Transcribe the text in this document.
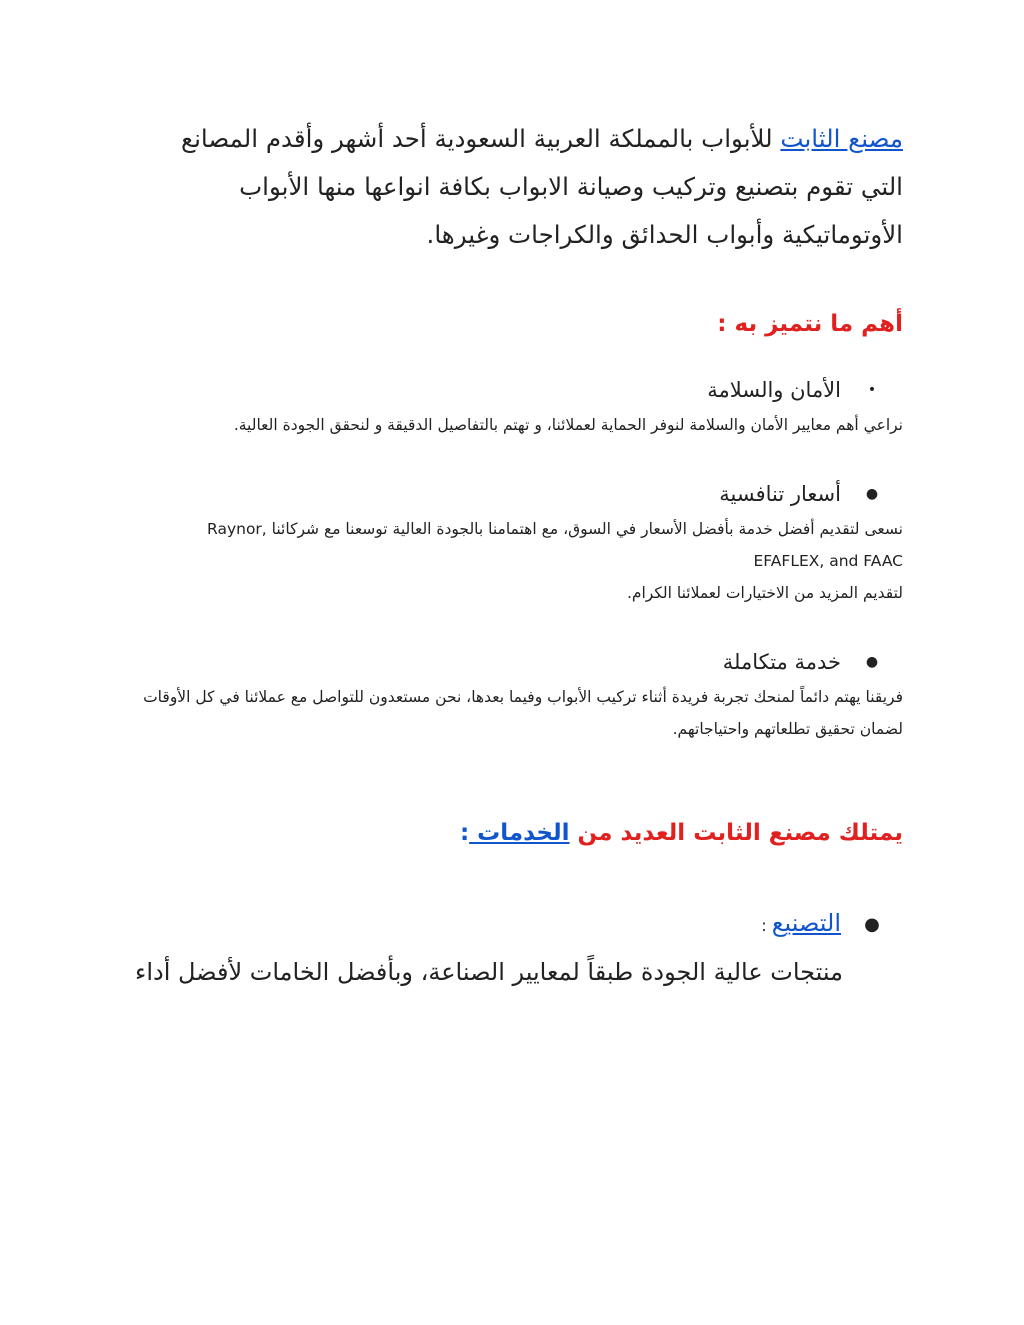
مصنع الثابت للأبواب بالمملكة العربية السعودية أحد أشهر وأقدم المصانع التي تقوم بتصنيع وتركيب وصيانة الابواب بكافة انواعها منها الأبواب الأوتوماتيكية وأبواب الحدائق والكراجات وغيرها.

أهم ما نتميز به :

•
الأمان والسلامة

نراعي أهم معايير الأمان والسلامة لنوفر الحماية لعملائنا، و تهتم بالتفاصيل الدقيقة و لنحقق الجودة العالية.

●
أسعار تنافسية

نسعى لتقديم أفضل خدمة بأفضل الأسعار في السوق، مع اهتمامنا بالجودة العالية توسعنا مع شركائنا Raynor, EFAFLEX, and FAAC

لتقديم المزيد من الاختيارات لعملائنا الكرام.

●
خدمة متكاملة

فريقنا يهتم دائماً لمنحك تجربة فريدة أثناء تركيب الأبواب وفيما بعدها، نحن مستعدون للتواصل مع عملائنا في كل الأوقات لضمان تحقيق تطلعاتهم واحتياجاتهم.

يمتلك مصنع الثابت العديد من الخدمات :

●
التصنيع :

منتجات عالية الجودة طبقاً لمعايير الصناعة، وبأفضل الخامات لأفضل أداء
